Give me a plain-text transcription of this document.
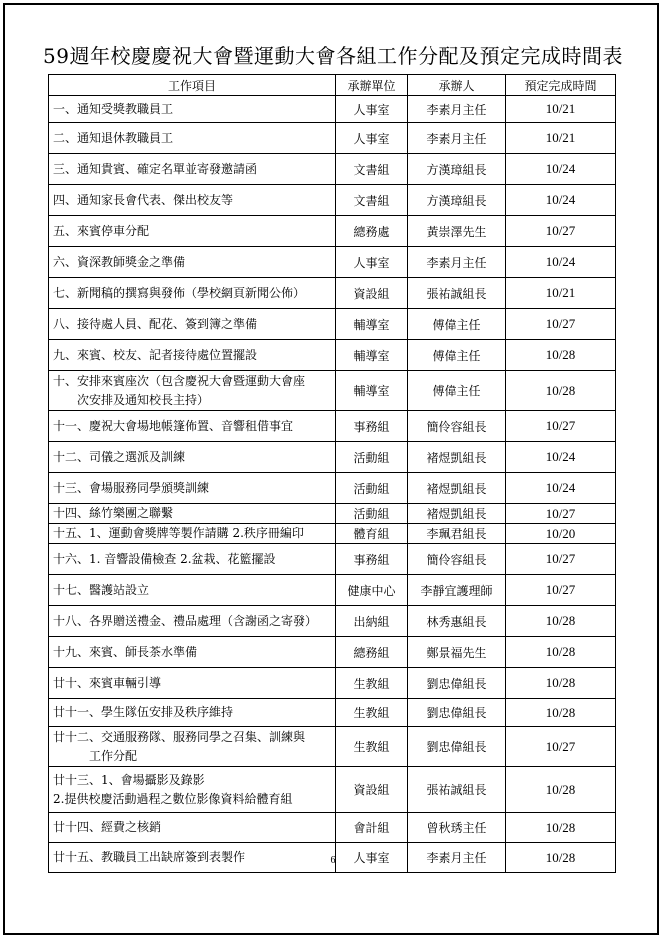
59週年校慶慶祝大會暨運動大會各組工作分配及預定完成時間表
工作項目	承辦單位	承辦人	預定完成時間
一、通知受獎教職員工	人事室	李素月主任	10/21
二、通知退休教職員工	人事室	李素月主任	10/21
三、通知貴賓、確定名單並寄發邀請函	文書組	方漢璋組長	10/24
四、通知家長會代表、傑出校友等	文書組	方漢璋組長	10/24
五、來賓停車分配	總務處	黃崇澤先生	10/27
六、資深教師獎金之準備	人事室	李素月主任	10/24
七、新聞稿的撰寫與發佈（學校網頁新聞公佈）	資設組	張祐誠組長	10/21
八、接待處人員、配花、簽到簿之準備	輔導室	傅偉主任	10/27
九、來賓、校友、記者接待處位置擺設	輔導室	傅偉主任	10/28
十、安排來賓座次（包含慶祝大會暨運動大會座
　　次安排及通知校長主持）	輔導室	傅偉主任	10/28
十一、慶祝大會場地帳篷佈置、音響租借事宜	事務組	簡伶容組長	10/27
十二、司儀之選派及訓練	活動組	褚煜凱組長	10/24
十三、會場服務同學頒獎訓練	活動組	褚煜凱組長	10/24
十四、絲竹樂團之聯繫	活動組	褚煜凱組長	10/27
十五、1、運動會獎牌等製作請購 2.秩序冊編印	體育組	李珮君組長	10/20
十六、1. 音響設備檢查 2.盆栽、花籃擺設	事務組	簡伶容組長	10/27
十七、醫護站設立	健康中心	李靜宜護理師	10/27
十八、各界贈送禮金、禮品處理（含謝函之寄發）	出納組	林秀惠組長	10/28
十九、來賓、師長茶水準備	總務組	鄭景福先生	10/28
廿十、來賓車輛引導	生教組	劉忠偉組長	10/28
廿十一、學生隊伍安排及秩序維持	生教組	劉忠偉組長	10/28
廿十二、交通服務隊、服務同學之召集、訓練與
　　　工作分配	生教組	劉忠偉組長	10/27
廿十三、1、會場攝影及錄影
2.提供校慶活動過程之數位影像資料給體育組	資設組	張祐誠組長	10/28
廿十四、經費之核銷	會計組	曾秋琇主任	10/28
廿十五、教職員工出缺席簽到表製作	人事室	李素月主任	10/28
6
